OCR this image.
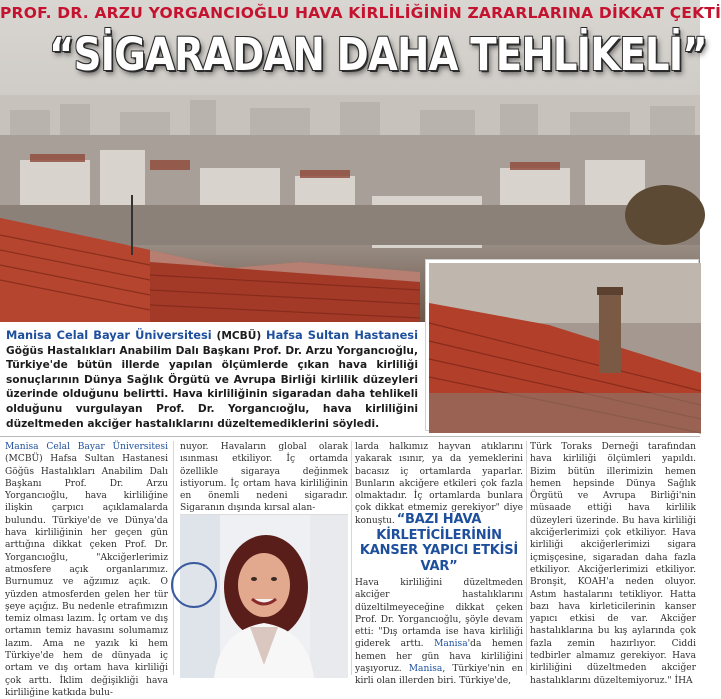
PROF. DR. ARZU YORGANCIOĞLU HAVA KİRLİLİĞİNİN ZARARLARINA DİKKAT ÇEKTİ
“SİGARADAN DAHA TEHLİKELİ”
Manisa Celal Bayar Üniversitesi (MCBÜ) Hafsa Sultan Hastanesi Göğüs Hastalıkları Anabilim Dalı Başkanı Prof. Dr. Arzu Yorgancıoğlu, Türkiye'de bütün illerde yapılan ölçümlerde çıkan hava kirliliği sonuçlarının Dünya Sağlık Örgütü ve Avrupa Birliği kirlilik düzeyleri üzerinde olduğunu belirtti. Hava kirliliğinin sigaradan daha tehlikeli olduğunu vurgulayan Prof. Dr. Yorgancıoğlu, hava kirliliğini düzeltmeden akciğer hastalıklarını düzeltemediklerini söyledi.
Manisa Celal Bayar Üniversitesi (MCBÜ) Hafsa Sultan Hastanesi Göğüs Hastalıkları Anabilim Dalı Başkanı Prof. Dr. Arzu Yorgancıoğlu, hava kirliliğine ilişkin çarpıcı açıklamalarda bulundu. Türkiye'de ve Dünya'da hava kirliliğinin her geçen gün arttığına dikkat çeken Prof. Dr. Yorgancıoğlu, "Akciğerlerimiz atmosfere açık organlarımız. Burnumuz ve ağzımız açık. O yüzden atmosferden gelen her tür şeye açığız. Bu nedenle etrafımızın temiz olması lazım. İç ortam ve dış ortamın temiz havasını solumamız lazım. Ama ne yazık ki hem Türkiye'de hem de dünyada iç ortam ve dış ortam hava kirliliği çok arttı. İklim değişikliği hava kirliliğine katkıda bulu-
nuyor. Havaların global olarak ısınması etkiliyor. İç ortamda özellikle sigaraya değinmek istiyorum. İç ortam hava kirliliğinin en önemli nedeni sigaradır. Sigaranın dışında kırsal alan-
larda halkımız hayvan atıklarını yakarak ısınır, ya da yemeklerini bacasız iç ortamlarda yaparlar. Bunların akciğere etkileri çok fazla olmaktadır. İç ortamlarda bunlara çok dikkat etmemiz gerekiyor" diye konuştu. “BAZI HAVA KİRLETİCİLERİNİN KANSER YAPICI ETKİSİ VAR”
Hava kirliliğini düzeltmeden akciğer hastalıklarını düzeltilmeyeceğine dikkat çeken Prof. Dr. Yorgancıoğlu, şöyle devam etti: "Dış ortamda ise hava kirliliği giderek arttı. Manisa'da hemen hemen her gün hava kirliliğini yaşıyoruz. Manisa, Türkiye'nin en kirli olan illerden biri. Türkiye'de,
Türk Toraks Derneği tarafından hava kirliliği ölçümleri yapıldı. Bizim bütün illerimizin hemen hemen hepsinde Dünya Sağlık Örgütü ve Avrupa Birliği'nin müsaade ettiği hava kirlilik düzeyleri üzerinde. Bu hava kirliliği akciğerlerimizi çok etkiliyor. Hava kirliliği akciğerlerimizi sigara içmişçesine, sigaradan daha fazla etkiliyor. Akciğerlerimizi etkiliyor. Bronşit, KOAH'a neden oluyor. Astım hastalarını tetikliyor. Hatta bazı hava kirleticilerinin kanser yapıcı etkisi de var. Akciğer hastalıklarına bu kış aylarında çok fazla zemin hazırlıyor. Ciddi tedbirler almamız gerekiyor. Hava kirliliğini düzeltmeden akciğer hastalıklarını düzeltemiyoruz." İHA
